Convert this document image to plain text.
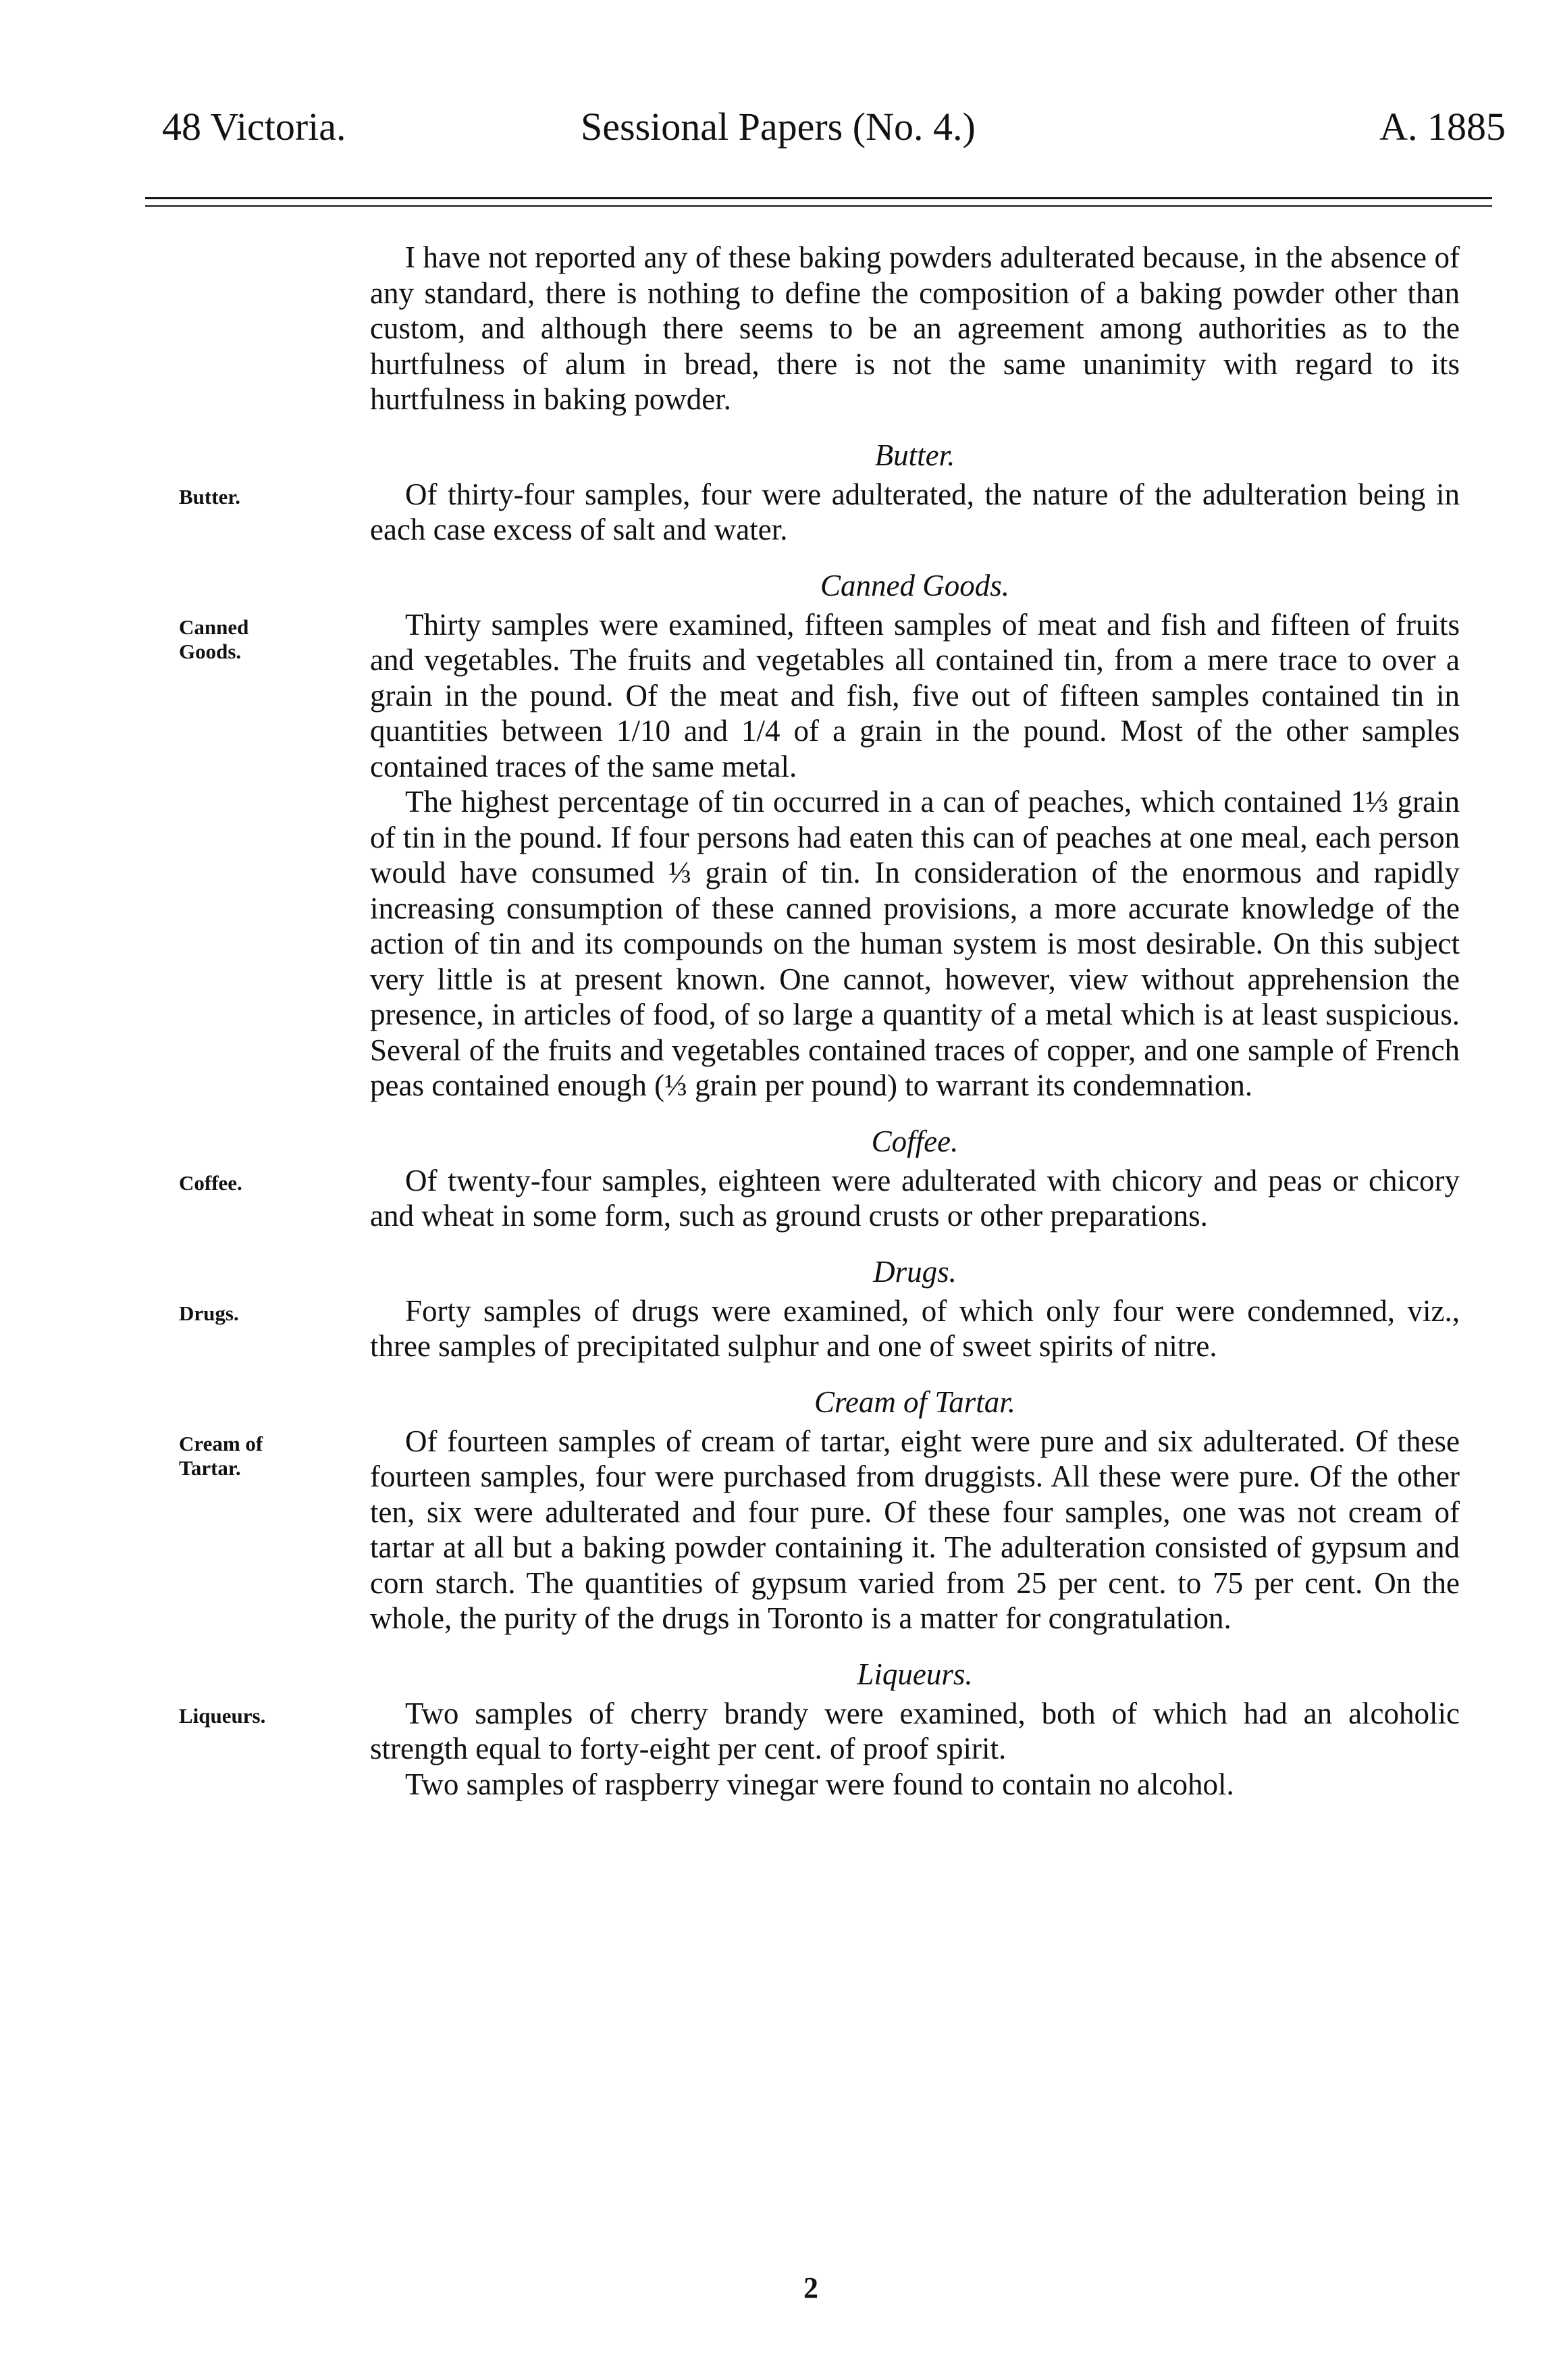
48 Victoria.	Sessional Papers (No. 4.)	A. 1885

I have not reported any of these baking powders adulterated because, in the absence of any standard, there is nothing to define the composition of a baking powder other than custom, and although there seems to be an agreement among authorities as to the hurtfulness of alum in bread, there is not the same unanimity with regard to its hurtfulness in baking powder.

Butter.
Butter.	Of thirty-four samples, four were adulterated, the nature of the adulteration being in each case excess of salt and water.

Canned Goods.
Canned Goods.

Thirty samples were examined, fifteen samples of meat and fish and fifteen of fruits and vegetables. The fruits and vegetables all contained tin, from a mere trace to over a grain in the pound. Of the meat and fish, five out of fifteen samples contained tin in quantities between 1/10 and 1/4 of a grain in the pound. Most of the other samples contained traces of the same metal.

The highest percentage of tin occurred in a can of peaches, which contained 1⅓ grain of tin in the pound. If four persons had eaten this can of peaches at one meal, each person would have consumed ⅓ grain of tin. In consideration of the enormous and rapidly increasing consumption of these canned provisions, a more accurate knowledge of the action of tin and its compounds on the human system is most desirable. On this subject very little is at present known. One cannot, however, view without apprehension the presence, in articles of food, of so large a quantity of a metal which is at least suspicious. Several of the fruits and vegetables contained traces of copper, and one sample of French peas contained enough (⅓ grain per pound) to warrant its condemnation.

Coffee.
Coffee.	Of twenty-four samples, eighteen were adulterated with chicory and peas or chicory and wheat in some form, such as ground crusts or other preparations.

Drugs.
Drugs.	Forty samples of drugs were examined, of which only four were condemned, viz., three samples of precipitated sulphur and one of sweet spirits of nitre.

Cream of Tartar.
Cream of Tartar.

Of fourteen samples of cream of tartar, eight were pure and six adulterated. Of these fourteen samples, four were purchased from druggists. All these were pure. Of the other ten, six were adulterated and four pure. Of these four samples, one was not cream of tartar at all but a baking powder containing it. The adulteration consisted of gypsum and corn starch. The quantities of gypsum varied from 25 per cent. to 75 per cent. On the whole, the purity of the drugs in Toronto is a matter for congratulation.

Liqueurs.
Liqueurs.	Two samples of cherry brandy were examined, both of which had an alcoholic strength equal to forty-eight per cent. of proof spirit.

Two samples of raspberry vinegar were found to contain no alcohol.

2
